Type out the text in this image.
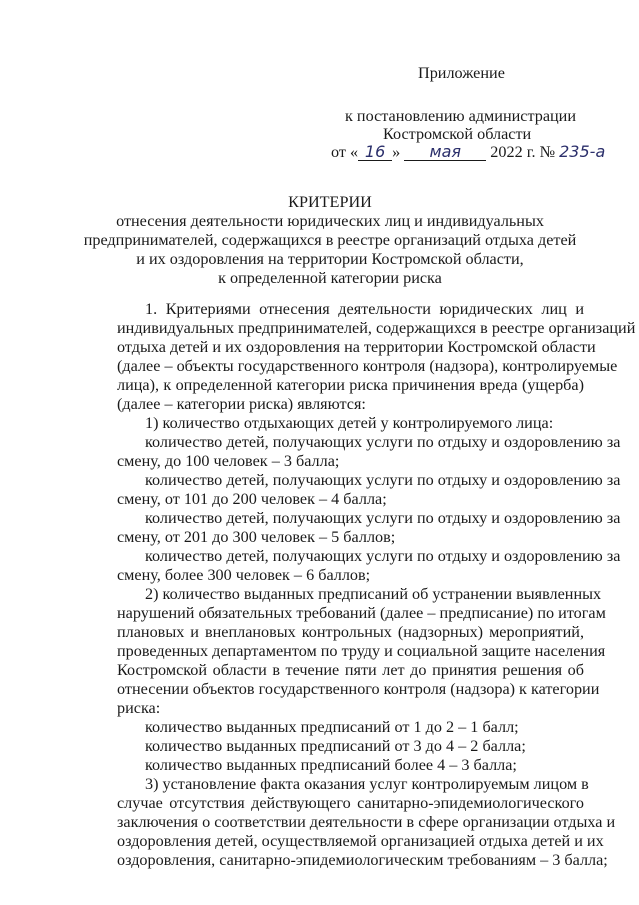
Приложение
к постановлению администрации
Костромской области
от « 16 » мая 2022 г. № 235-а
КРИТЕРИИ
отнесения деятельности юридических лиц и индивидуальных
предпринимателей, содержащихся в реестре организаций отдыха детей
и их оздоровления на территории Костромской области,
к определенной категории риска
1. Критериями отнесения деятельности юридических лиц и
индивидуальных предпринимателей, содержащихся в реестре организаций
отдыха детей и их оздоровления на территории Костромской области
(далее – объекты государственного контроля (надзора), контролируемые
лица), к определенной категории риска причинения вреда (ущерба)
(далее – категории риска) являются:
1) количество отдыхающих детей у контролируемого лица:
количество детей, получающих услуги по отдыху и оздоровлению за
смену, до 100 человек – 3 балла;
количество детей, получающих услуги по отдыху и оздоровлению за
смену, от 101 до 200 человек – 4 балла;
количество детей, получающих услуги по отдыху и оздоровлению за
смену, от 201 до 300 человек – 5 баллов;
количество детей, получающих услуги по отдыху и оздоровлению за
смену, более 300 человек – 6 баллов;
2) количество выданных предписаний об устранении выявленных
нарушений обязательных требований (далее – предписание) по итогам
плановых и внеплановых контрольных (надзорных) мероприятий,
проведенных департаментом по труду и социальной защите населения
Костромской области в течение пяти лет до принятия решения об
отнесении объектов государственного контроля (надзора) к категории
риска:
количество выданных предписаний от 1 до 2 – 1 балл;
количество выданных предписаний от 3 до 4 – 2 балла;
количество выданных предписаний более 4 – 3 балла;
3) установление факта оказания услуг контролируемым лицом в
случае отсутствия действующего санитарно-эпидемиологического
заключения о соответствии деятельности в сфере организации отдыха и
оздоровления детей, осуществляемой организацией отдыха детей и их
оздоровления, санитарно-эпидемиологическим требованиям – 3 балла;
